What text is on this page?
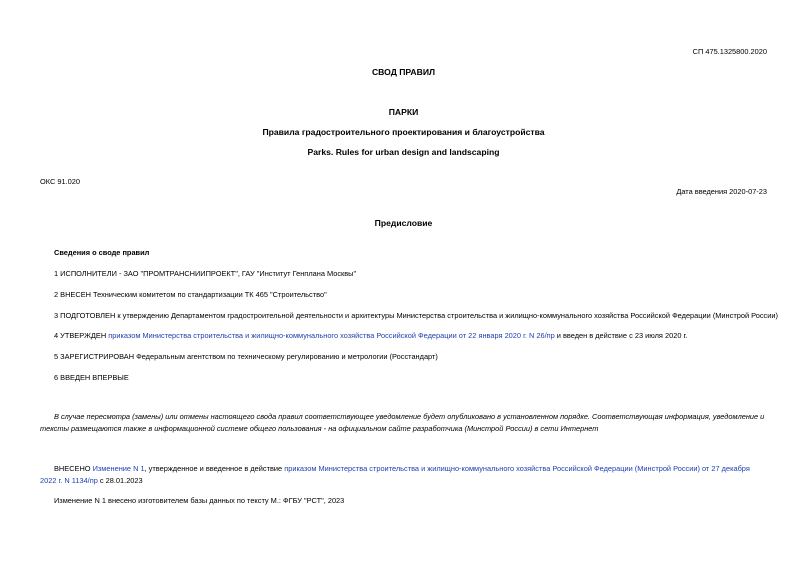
СП 475.1325800.2020
СВОД ПРАВИЛ
ПАРКИ
Правила градостроительного проектирования и благоустройства
Parks. Rules for urban design and landscaping
ОКС 91.020
Дата введения 2020-07-23
Предисловие
Сведения о своде правил
1 ИСПОЛНИТЕЛИ - ЗАО "ПРОМТРАНСНИИПРОЕКТ", ГАУ "Институт Генплана Москвы"
2 ВНЕСЕН Техническим комитетом по стандартизации ТК 465 "Строительство"
3 ПОДГОТОВЛЕН к утверждению Департаментом градостроительной деятельности и архитектуры Министерства строительства и жилищно-коммунального хозяйства Российской Федерации (Минстрой России)
4 УТВЕРЖДЕН приказом Министерства строительства и жилищно-коммунального хозяйства Российской Федерации от 22 января 2020 г. N 26/пр и введен в действие с 23 июля 2020 г.
5 ЗАРЕГИСТРИРОВАН Федеральным агентством по техническому регулированию и метрологии (Росстандарт)
6 ВВЕДЕН ВПЕРВЫЕ
В случае пересмотра (замены) или отмены настоящего свода правил соответствующее уведомление будет опубликовано в установленном порядке. Соответствующая информация, уведомление и тексты размещаются также в информационной системе общего пользования - на официальном сайте разработчика (Минстрой России) в сети Интернет
ВНЕСЕНО Изменение N 1, утвержденное и введенное в действие приказом Министерства строительства и жилищно-коммунального хозяйства Российской Федерации (Минстрой России) от 27 декабря 2022 г. N 1134/пр с 28.01.2023
Изменение N 1 внесено изготовителем базы данных по тексту М.: ФГБУ "РСТ", 2023
